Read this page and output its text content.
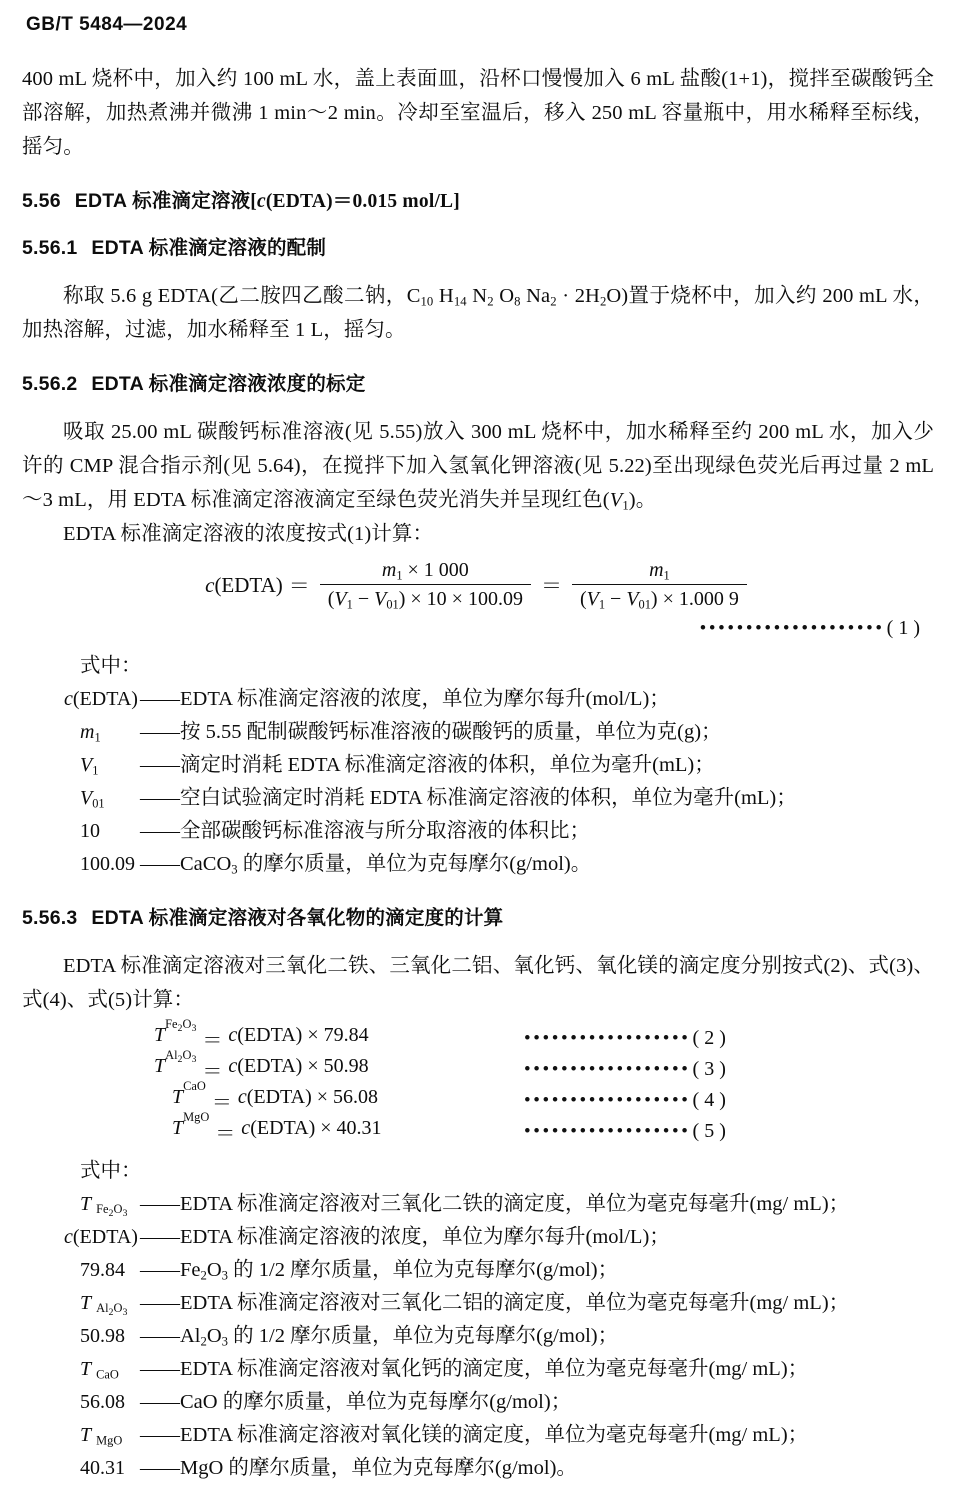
GB/T 5484—2024

400 mL 烧杯中，加入约 100 mL 水，盖上表面皿，沿杯口慢慢加入 6 mL 盐酸(1+1)，搅拌至碳酸钙全部溶解，加热煮沸并微沸 1 min～2 min。冷却至室温后，移入 250 mL 容量瓶中，用水稀释至标线，摇匀。

5.56 EDTA 标准滴定溶液[c(EDTA)＝0.015 mol/L]
5.56.1 EDTA 标准滴定溶液的配制

称取 5.6 g EDTA(乙二胺四乙酸二钠，$C_{10}$ $H_{14}$ $N_2$ $O_8$ $Na_2 \cdot 2H_2O$)置于烧杯中，加入约 200 mL 水，加热溶解，过滤，加水稀释至 1 L，摇匀。

5.56.2 EDTA 标准滴定溶液浓度的标定

吸取 25.00 mL 碳酸钙标准溶液(见 5.55)放入 300 mL 烧杯中，加水稀释至约 200 mL 水，加入少许的 CMP 混合指示剂(见 5.64)，在搅拌下加入氢氧化钾溶液(见 5.22)至出现绿色荧光后再过量 2 mL～3 mL，用 EDTA 标准滴定溶液滴定至绿色荧光消失并呈现红色$(V_1)$。

EDTA 标准滴定溶液的浓度按式(1)计算：

c (EDTA) ＝ $\frac{m_1 \times 1 000}{(V_1 - V_{01}) \times 10 \times 100.09} = \frac{m_1}{(V_1 - V_{01}) \times 1.000 9}$
•••••••••••••••••••• ( 1 )
式中：
c(EDTA) —— EDTA 标准滴定溶液的浓度，单位为摩尔每升(mol/L)；
$m_1$	—— 按 5.55 配制碳酸钙标准溶液的碳酸钙的质量，单位为克(g)；
$V_1$	—— 滴定时消耗 EDTA 标准滴定溶液的体积，单位为毫升(mL)；
$V_{01}$	—— 空白试验滴定时消耗 EDTA 标准滴定溶液的体积，单位为毫升(mL)；
10	—— 全部碳酸钙标准溶液与所分取溶液的体积比；
100.09 —— CaCO$_3$ 的摩尔质量，单位为克每摩尔(g/mol)。
5.56.3 EDTA 标准滴定溶液对各氧化物的滴定度的计算

EDTA 标准滴定溶液对三氧化二铁、三氧化二铝、氧化钙、氧化镁的滴定度分别按式(2)、式(3)、式(4)、式(5)计算：

T $Fe_2O_3$
＝ c (EDTA) × 79.84	•••••••••••••••••• ( 2 )
T $Al_2O_3$
＝ c (EDTA) × 50.98	•••••••••••••••••• ( 3 )
T CaO
＝ c (EDTA) × 56.08	•••••••••••••••••• ( 4 )
T MgO
＝ c (EDTA) × 40.31	•••••••••••••••••• ( 5 )
式中：
T $_{Fe_2O_3}$ —— EDTA 标准滴定溶液对三氧化二铁的滴定度，单位为毫克每毫升(mg/ mL)；
c(EDTA) —— EDTA 标准滴定溶液的浓度，单位为摩尔每升(mol/L)；
79.84 —— $Fe_2O_3$ 的 1/2 摩尔质量，单位为克每摩尔(g/mol)；
T $_{Al_2O_3}$ —— EDTA 标准滴定溶液对三氧化二铝的滴定度，单位为毫克每毫升(mg/ mL)；
50.98 —— $Al_2O_3$ 的 1/2 摩尔质量，单位为克每摩尔(g/mol)；
T $_{CaO}$	—— EDTA 标准滴定溶液对氧化钙的滴定度，单位为毫克每毫升(mg/ mL)；
56.08 —— CaO 的摩尔质量，单位为克每摩尔(g/mol)；
T $_{MgO}$ —— EDTA 标准滴定溶液对氧化镁的滴定度，单位为毫克每毫升(mg/ mL)；
40.31 —— MgO 的摩尔质量，单位为克每摩尔(g/mol)。
